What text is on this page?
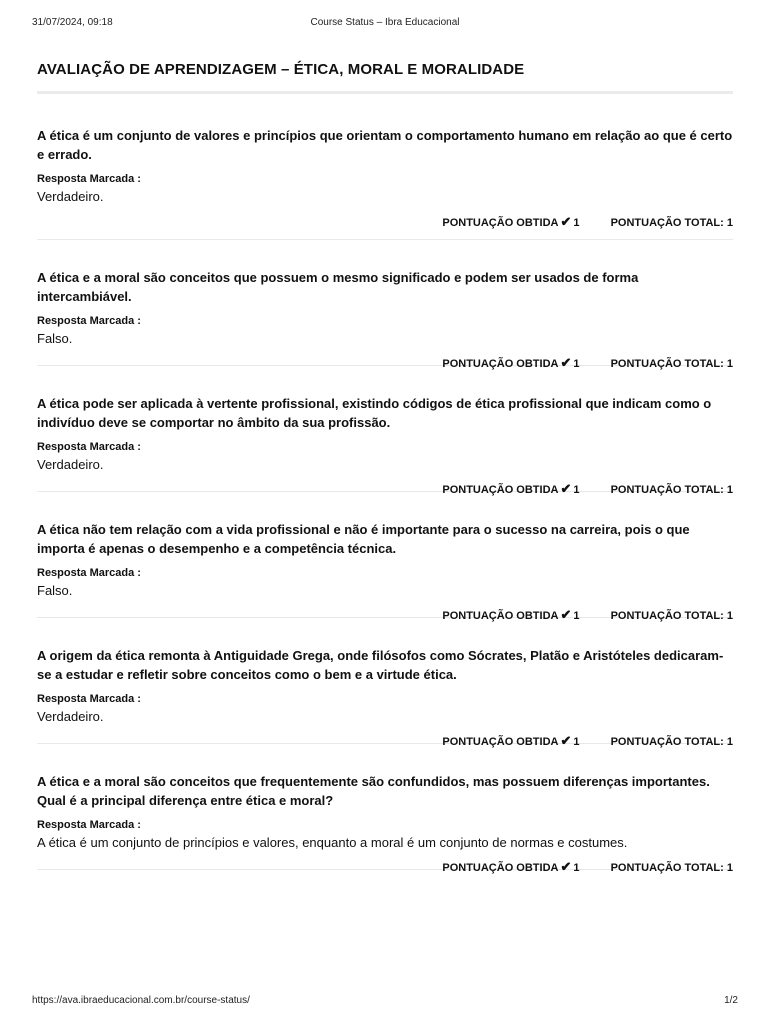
31/07/2024, 09:18	Course Status – Ibra Educacional
AVALIAÇÃO DE APRENDIZAGEM – ÉTICA, MORAL E MORALIDADE
A ética é um conjunto de valores e princípios que orientam o comportamento humano em relação ao que é certo e errado.
Resposta Marcada :
Verdadeiro.
PONTUAÇÃO OBTIDA ✔ 1	PONTUAÇÃO TOTAL: 1
A ética e a moral são conceitos que possuem o mesmo significado e podem ser usados de forma intercambiável.
Resposta Marcada :
Falso.
PONTUAÇÃO OBTIDA ✔ 1	PONTUAÇÃO TOTAL: 1
A ética pode ser aplicada à vertente profissional, existindo códigos de ética profissional que indicam como o indivíduo deve se comportar no âmbito da sua profissão.
Resposta Marcada :
Verdadeiro.
PONTUAÇÃO OBTIDA ✔ 1	PONTUAÇÃO TOTAL: 1
A ética não tem relação com a vida profissional e não é importante para o sucesso na carreira, pois o que importa é apenas o desempenho e a competência técnica.
Resposta Marcada :
Falso.
PONTUAÇÃO OBTIDA ✔ 1	PONTUAÇÃO TOTAL: 1
A origem da ética remonta à Antiguidade Grega, onde filósofos como Sócrates, Platão e Aristóteles dedicaram-se a estudar e refletir sobre conceitos como o bem e a virtude ética.
Resposta Marcada :
Verdadeiro.
PONTUAÇÃO OBTIDA ✔ 1	PONTUAÇÃO TOTAL: 1
A ética e a moral são conceitos que frequentemente são confundidos, mas possuem diferenças importantes. Qual é a principal diferença entre ética e moral?
Resposta Marcada :
A ética é um conjunto de princípios e valores, enquanto a moral é um conjunto de normas e costumes.
PONTUAÇÃO OBTIDA ✔ 1	PONTUAÇÃO TOTAL: 1
https://ava.ibraeducacional.com.br/course-status/	1/2
